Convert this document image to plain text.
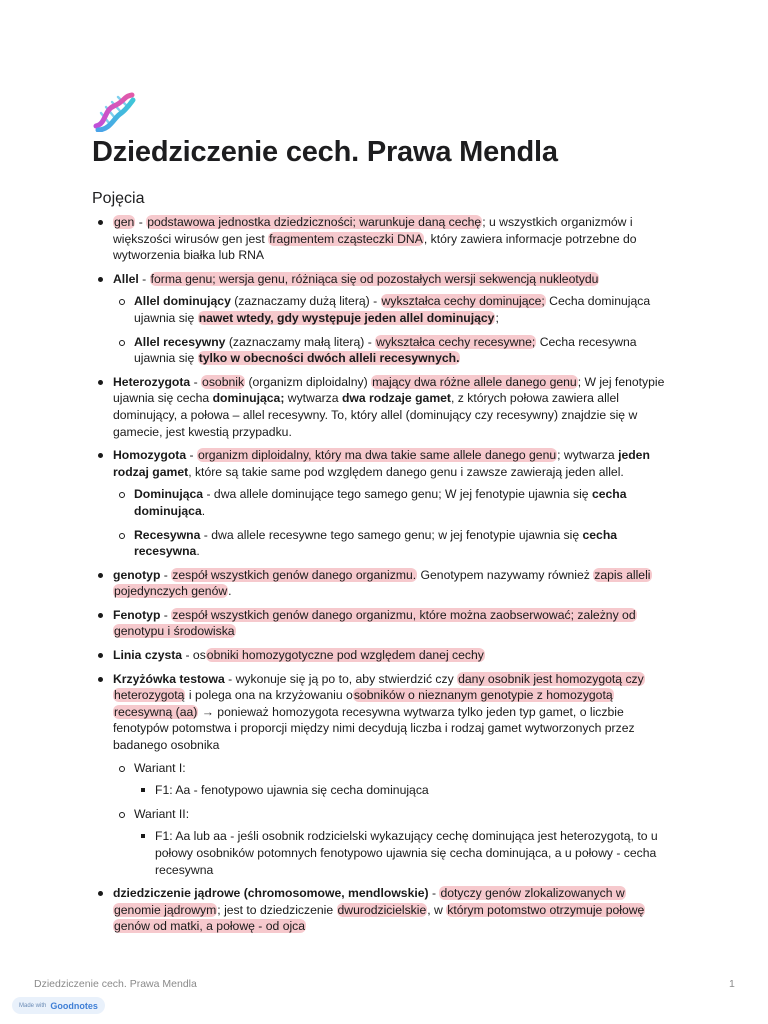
Dziedziczenie cech. Prawa Mendla
Pojęcia
gen - podstawowa jednostka dziedziczności; warunkuje daną cechę; u wszystkich organizmów i większości wirusów gen jest fragmentem cząsteczki DNA, który zawiera informacje potrzebne do wytworzenia białka lub RNA
Allel - forma genu; wersja genu, różniąca się od pozostałych wersji sekwencją nukleotydu
Allel dominujący (zaznaczamy dużą literą) - wykształca cechy dominujące; Cecha dominująca ujawnia się nawet wtedy, gdy występuje jeden allel dominujący;
Allel recesywny (zaznaczamy małą literą) - wykształca cechy recesywne; Cecha recesywna ujawnia się tylko w obecności dwóch alleli recesywnych.
Heterozygota - osobnik (organizm diploidalny) mający dwa różne allele danego genu; W jej fenotypie ujawnia się cecha dominująca; wytwarza dwa rodzaje gamet, z których połowa zawiera allel dominujący, a połowa – allel recesywny. To, który allel (dominujący czy recesywny) znajdzie się w gamecie, jest kwestią przypadku.
Homozygota - organizm diploidalny, który ma dwa takie same allele danego genu; wytwarza jeden rodzaj gamet, które są takie same pod względem danego genu i zawsze zawierają jeden allel.
Dominująca - dwa allele dominujące tego samego genu; W jej fenotypie ujawnia się cecha dominująca.
Recesywna - dwa allele recesywne tego samego genu; w jej fenotypie ujawnia się cecha recesywna.
genotyp - zespół wszystkich genów danego organizmu. Genotypem nazywamy również zapis alleli pojedynczych genów.
Fenotyp - zespół wszystkich genów danego organizmu, które można zaobserwować; zależny od genotypu i środowiska
Linia czysta - osobniki homozygotyczne pod względem danej cechy
Krzyżówka testowa - wykonuje się ją po to, aby stwierdzić czy dany osobnik jest homozygotą czy heterozygotą i polega ona na krzyżowaniu osobników o nieznanym genotypie z homozygotą recesywną (aa) → ponieważ homozygota recesywna wytwarza tylko jeden typ gamet, o liczbie fenotypów potomstwa i proporcji między nimi decydują liczba i rodzaj gamet wytworzonych przez badanego osobnika
Wariant I:
F1: Aa - fenotypowo ujawnia się cecha dominująca
Wariant II:
F1: Aa lub aa - jeśli osobnik rodzicielski wykazujący cechę dominująca jest heterozygotą, to u połowy osobników potomnych fenotypowo ujawnia się cecha dominująca, a u połowy - cecha recesywna
dziedziczenie jądrowe (chromosomowe, mendlowskie) - dotyczy genów zlokalizowanych w genomie jądrowym; jest to dziedziczenie dwurodzicielskie, w którym potomstwo otrzymuje połowę genów od matki, a połowę - od ojca
Dziedziczenie cech. Prawa Mendla	1
Made with Goodnotes
